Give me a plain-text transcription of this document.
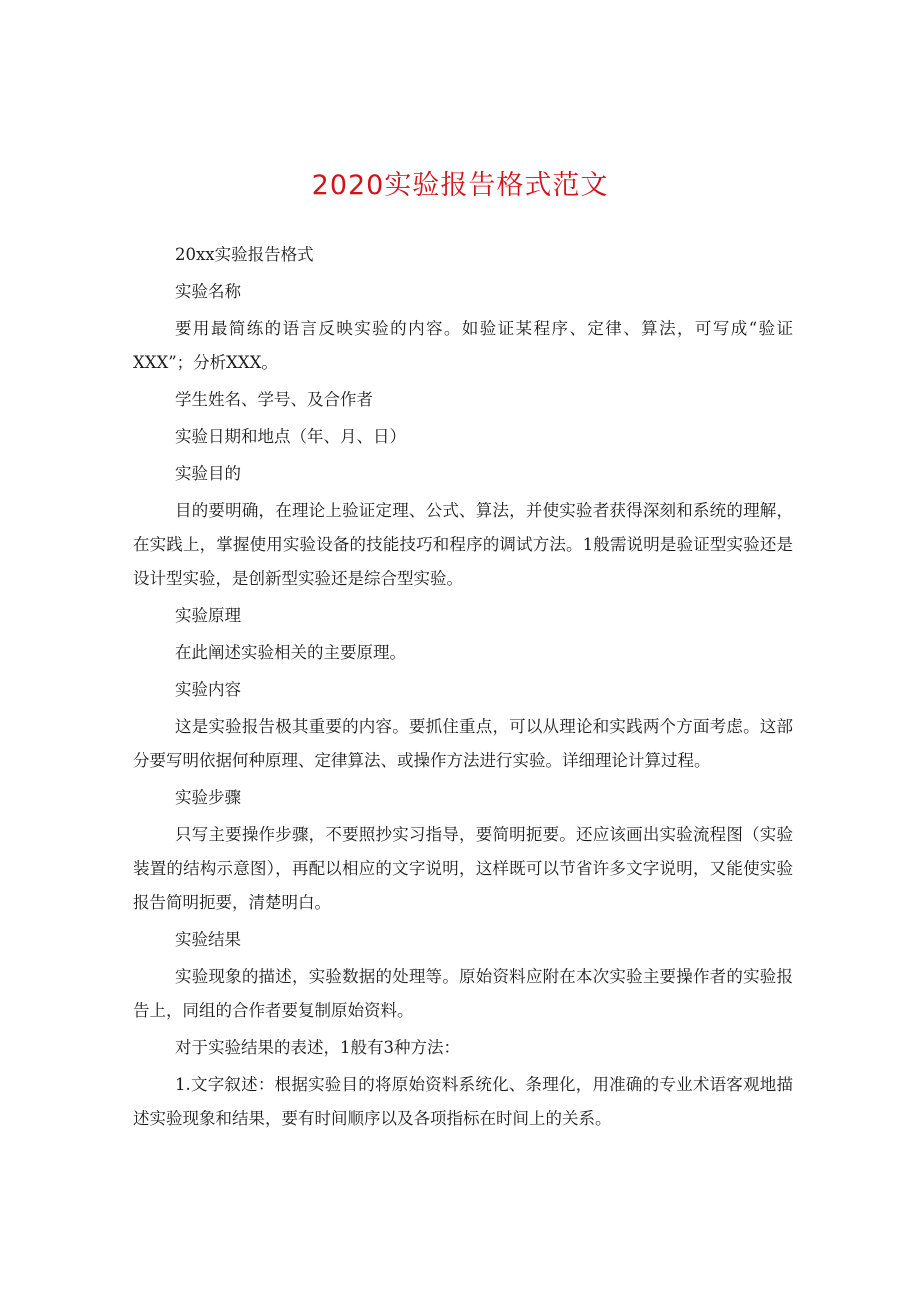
2020实验报告格式范文

20xx实验报告格式

实验名称

要用最简练的语言反映实验的内容。如验证某程序、定律、算法，可写成“验证XXX”；分析XXX。

学生姓名、学号、及合作者

实验日期和地点（年、月、日）

实验目的

目的要明确，在理论上验证定理、公式、算法，并使实验者获得深刻和系统的理解，在实践上，掌握使用实验设备的技能技巧和程序的调试方法。1般需说明是验证型实验还是设计型实验，是创新型实验还是综合型实验。

实验原理

在此阐述实验相关的主要原理。

实验内容

这是实验报告极其重要的内容。要抓住重点，可以从理论和实践两个方面考虑。这部分要写明依据何种原理、定律算法、或操作方法进行实验。详细理论计算过程。

实验步骤

只写主要操作步骤，不要照抄实习指导，要简明扼要。还应该画出实验流程图（实验装置的结构示意图），再配以相应的文字说明，这样既可以节省许多文字说明，又能使实验报告简明扼要，清楚明白。

实验结果

实验现象的描述，实验数据的处理等。原始资料应附在本次实验主要操作者的实验报告上，同组的合作者要复制原始资料。

对于实验结果的表述，1般有3种方法：

1.文字叙述：根据实验目的将原始资料系统化、条理化，用准确的专业术语客观地描述实验现象和结果，要有时间顺序以及各项指标在时间上的关系。
